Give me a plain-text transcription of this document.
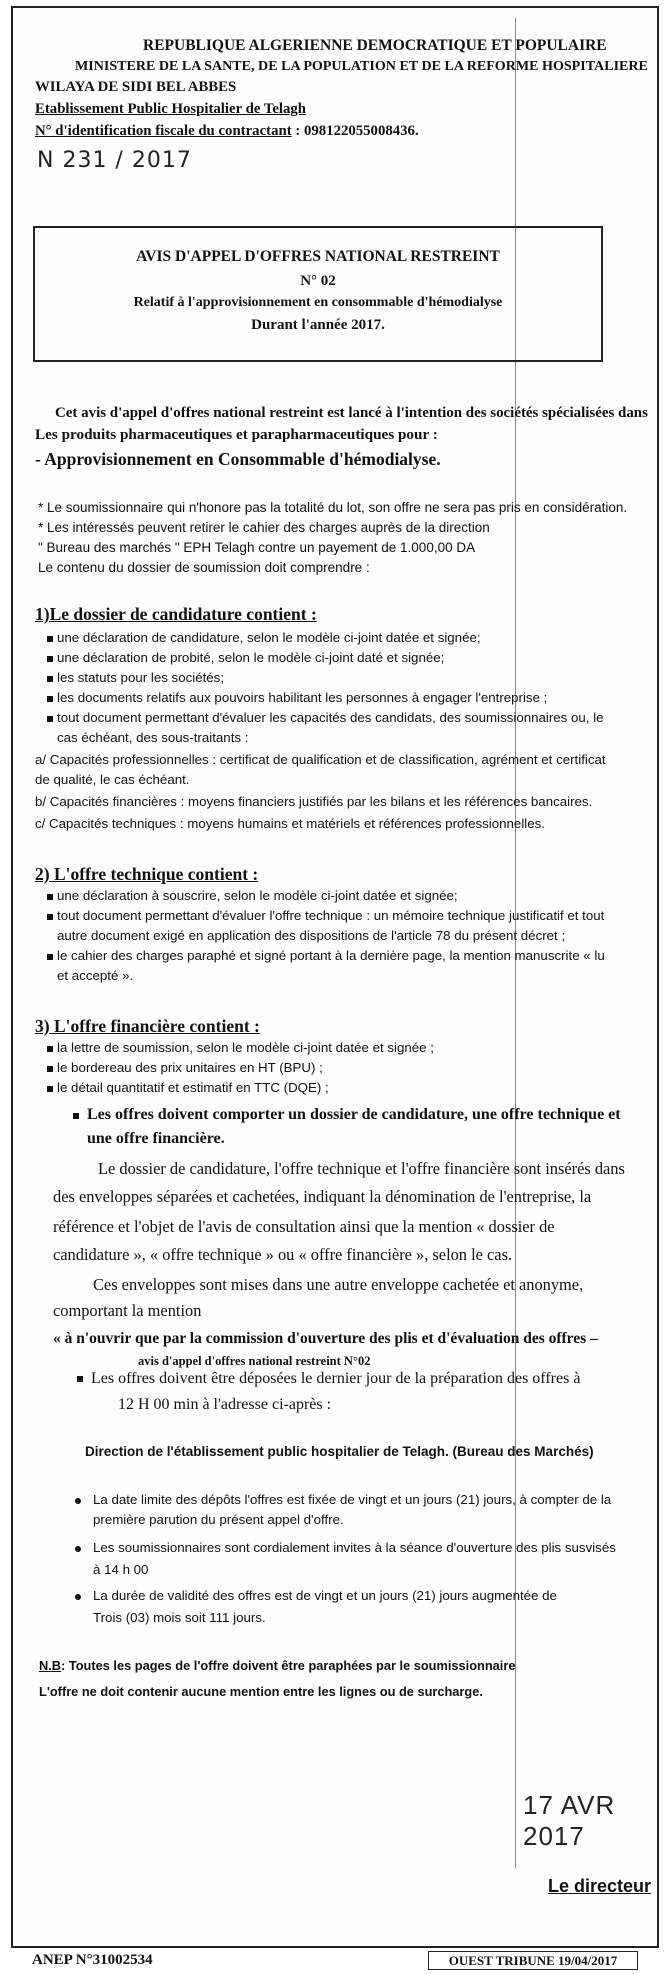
REPUBLIQUE ALGERIENNE DEMOCRATIQUE ET POPULAIRE
MINISTERE DE LA SANTE, DE LA POPULATION ET DE LA REFORME HOSPITALIERE
WILAYA DE SIDI BEL ABBES
Etablissement Public Hospitalier de Telagh
N° d'identification fiscale du contractant : 098122055008436.
N 231 / 2017
AVIS D'APPEL D'OFFRES NATIONAL RESTREINT
N° 02
Relatif à l'approvisionnement en consommable d'hémodialyse
Durant l'année 2017.
Cet avis d'appel d'offres national restreint est lancé à l'intention des sociétés spécialisées dans
Les produits pharmaceutiques et parapharmaceutiques pour :
- Approvisionnement en Consommable d'hémodialyse.
* Le soumissionnaire qui n'honore pas la totalité du lot, son offre ne sera pas pris en considération.
* Les intéressés peuvent retirer le cahier des charges auprès de la direction
" Bureau des marchés " EPH Telagh contre un payement de 1.000,00 DA
Le contenu du dossier de soumission doit comprendre :
1)Le dossier de candidature contient :
une déclaration de candidature, selon le modèle ci-joint datée et signée;
une déclaration de probité, selon le modèle ci-joint daté et signée;
les statuts pour les sociétés;
les documents relatifs aux pouvoirs habilitant les personnes à engager l'entreprise ;
tout document permettant d'évaluer les capacités des candidats, des soumissionnaires ou, le
cas échéant, des sous-traitants :
a/ Capacités professionnelles : certificat de qualification et de classification, agrément et certificat
de qualité, le cas échéant.
b/ Capacités financières : moyens financiers justifiés par les bilans et les références bancaires.
c/ Capacités techniques : moyens humains et matériels et références professionnelles.
2) L'offre technique contient :
une déclaration à souscrire, selon le modèle ci-joint datée et signée;
tout document permettant d'évaluer l'offre technique : un mémoire technique justificatif et tout
autre document exigé en application des dispositions de l'article 78 du présent décret ;
le cahier des charges paraphé et signé portant à la dernière page, la mention manuscrite « lu
et accepté ».
3) L'offre financière contient :
la lettre de soumission, selon le modèle ci-joint datée et signée ;
le bordereau des prix unitaires en HT (BPU) ;
le détail quantitatif et estimatif en TTC (DQE) ;
Les offres doivent comporter un dossier de candidature, une offre technique et
une offre financière.
Le dossier de candidature, l'offre technique et l'offre financière sont insérés dans
des enveloppes séparées et cachetées, indiquant la dénomination de l'entreprise, la
référence et l'objet de l'avis de consultation ainsi que la mention « dossier de
candidature », « offre technique » ou « offre financière », selon le cas.
Ces enveloppes sont mises dans une autre enveloppe cachetée et anonyme,
comportant la mention
« à n'ouvrir que par la commission d'ouverture des plis et d'évaluation des offres –
avis d'appel d'offres national restreint N°02
Les offres doivent être déposées le dernier jour de la préparation des offres à
12 H 00 min à l'adresse ci-après :
Direction de l'établissement public hospitalier de Telagh. (Bureau des Marchés)
La date limite des dépôts l'offres est fixée de vingt et un jours (21) jours, à compter de la
première parution du présent appel d'offre.
Les soumissionnaires sont cordialement invites à la séance d'ouverture des plis susvisés
à 14 h 00
La durée de validité des offres est de vingt et un jours (21) jours augmentée de
Trois (03) mois soit 111 jours.
N.B: Toutes les pages de l'offre doivent être paraphées par le soumissionnaire
L'offre ne doit contenir aucune mention entre les lignes ou de surcharge.
17 AVR 2017
Le directeur
ANEP N°31002534	OUEST TRIBUNE 19/04/2017
